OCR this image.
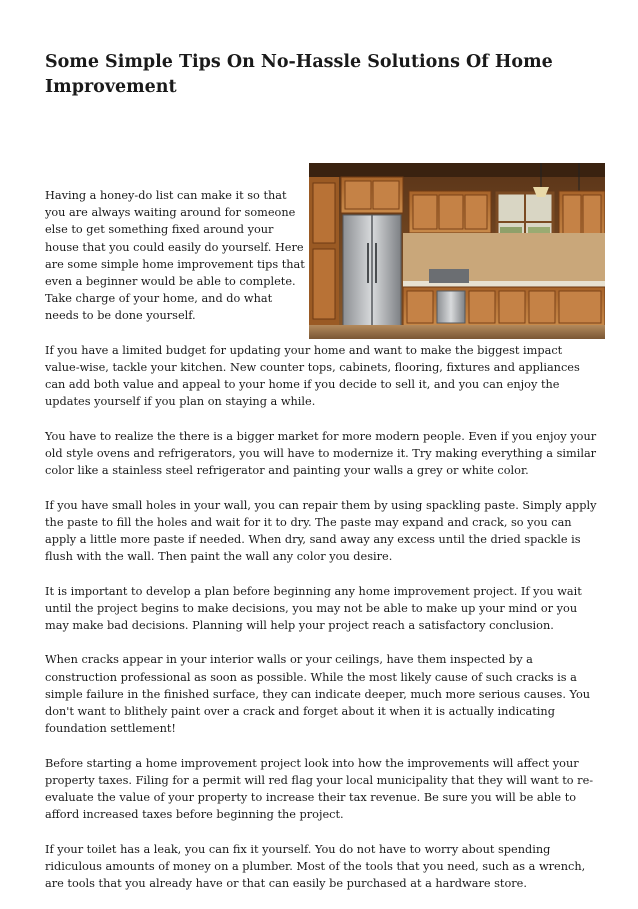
Some Simple Tips On No-Hassle Solutions Of Home Improvement

Having a honey-do list can make it so that you are always waiting around for someone else to get something fixed around your house that you could easily do yourself. Here are some simple home improvement tips that even a beginner would be able to complete. Take charge of your home, and do what needs to be done yourself.

If you have a limited budget for updating your home and want to make the biggest impact value-wise, tackle your kitchen. New counter tops, cabinets, flooring, fixtures and appliances can add both value and appeal to your home if you decide to sell it, and you can enjoy the updates yourself if you plan on staying a while.

You have to realize the there is a bigger market for more modern people. Even if you enjoy your old style ovens and refrigerators, you will have to modernize it. Try making everything a similar color like a stainless steel refrigerator and painting your walls a grey or white color.

If you have small holes in your wall, you can repair them by using spackling paste. Simply apply the paste to fill the holes and wait for it to dry. The paste may expand and crack, so you can apply a little more paste if needed. When dry, sand away any excess until the dried spackle is flush with the wall. Then paint the wall any color you desire.

It is important to develop a plan before beginning any home improvement project. If you wait until the project begins to make decisions, you may not be able to make up your mind or you may make bad decisions. Planning will help your project reach a satisfactory conclusion.

When cracks appear in your interior walls or your ceilings, have them inspected by a construction professional as soon as possible. While the most likely cause of such cracks is a simple failure in the finished surface, they can indicate deeper, much more serious causes. You don't want to blithely paint over a crack and forget about it when it is actually indicating foundation settlement!

Before starting a home improvement project look into how the improvements will affect your property taxes. Filing for a permit will red flag your local municipality that they will want to re-evaluate the value of your property to increase their tax revenue. Be sure you will be able to afford increased taxes before beginning the project.

If your toilet has a leak, you can fix it yourself. You do not have to worry about spending ridiculous amounts of money on a plumber. Most of the tools that you need, such as a wrench, are tools that you already have or that can easily be purchased at a hardware store.
